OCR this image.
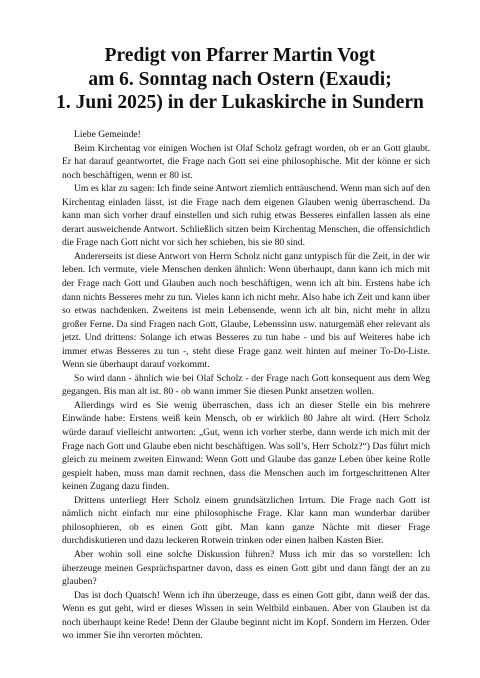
Predigt von Pfarrer Martin Vogt
am 6. Sonntag nach Ostern (Exaudi;
1. Juni 2025) in der Lukaskirche in Sundern

Liebe Gemeinde!

Beim Kirchentag vor einigen Wochen ist Olaf Scholz gefragt worden, ob er an Gott glaubt. Er hat darauf geantwortet, die Frage nach Gott sei eine philosophische. Mit der könne er sich noch beschäftigen, wenn er 80 ist.

Um es klar zu sagen: Ich finde seine Antwort ziemlich enttäuschend. Wenn man sich auf den Kirchentag einladen lässt, ist die Frage nach dem eigenen Glauben wenig überraschend. Da kann man sich vorher drauf einstellen und sich ruhig etwas Besseres einfallen lassen als eine derart ausweichende Antwort. Schließlich sitzen beim Kirchentag Menschen, die offensichtlich die Frage nach Gott nicht vor sich her schieben, bis sie 80 sind.

Andererseits ist diese Antwort von Herrn Scholz nicht ganz untypisch für die Zeit, in der wir leben. Ich vermute, viele Menschen denken ähnlich: Wenn überhaupt, dann kann ich mich mit der Frage nach Gott und Glauben auch noch beschäftigen, wenn ich alt bin. Erstens habe ich dann nichts Besseres mehr zu tun. Vieles kann ich nicht mehr. Also habe ich Zeit und kann über so etwas nachdenken. Zweitens ist mein Lebensende, wenn ich alt bin, nicht mehr in allzu großer Ferne. Da sind Fragen nach Gott, Glaube, Lebenssinn usw. naturgemäß eher relevant als jetzt. Und drittens: Solange ich etwas Besseres zu tun habe - und bis auf Weiteres habe ich immer etwas Besseres zu tun -, steht diese Frage ganz weit hinten auf meiner To-Do-Liste. Wenn sie überhaupt darauf vorkommt.

So wird dann - ähnlich wie bei Olaf Scholz - der Frage nach Gott konsequent aus dem Weg gegangen. Bis man alt ist. 80 - ob wann immer Sie diesen Punkt ansetzen wollen.

Allerdings wird es Sie wenig überraschen, dass ich an dieser Stelle ein bis mehrere Einwände habe: Erstens weiß kein Mensch, ob er wirklich 80 Jahre alt wird. (Herr Scholz würde darauf vielleicht antworten: „Gut, wenn ich vorher sterbe, dann werde ich mich mit der Frage nach Gott und Glaube eben nicht beschäftigen. Was soll’s, Herr Scholz?“) Das führt mich gleich zu meinem zweiten Einwand: Wenn Gott und Glaube das ganze Leben über keine Rolle gespielt haben, muss man damit rechnen, dass die Menschen auch im fortgeschrittenen Alter keinen Zugang dazu finden.

Drittens unterliegt Herr Scholz einem grundsätzlichen Irrtum. Die Frage nach Gott ist nämlich nicht einfach nur eine philosophische Frage. Klar kann man wunderbar darüber philosophieren, ob es einen Gott gibt. Man kann ganze Nächte mit dieser Frage durchdiskutieren und dazu leckeren Rotwein trinken oder einen halben Kasten Bier.

Aber wohin soll eine solche Diskussion führen? Muss ich mir das so vorstellen: Ich überzeuge meinen Gesprächspartner davon, dass es einen Gott gibt und dann fängt der an zu glauben?

Das ist doch Quatsch! Wenn ich ihn überzeuge, dass es einen Gott gibt, dann weiß der das. Wenn es gut geht, wird er dieses Wissen in sein Weltbild einbauen. Aber von Glauben ist da noch überhaupt keine Rede! Denn der Glaube beginnt nicht im Kopf. Sondern im Herzen. Oder wo immer Sie ihn verorten möchten.
